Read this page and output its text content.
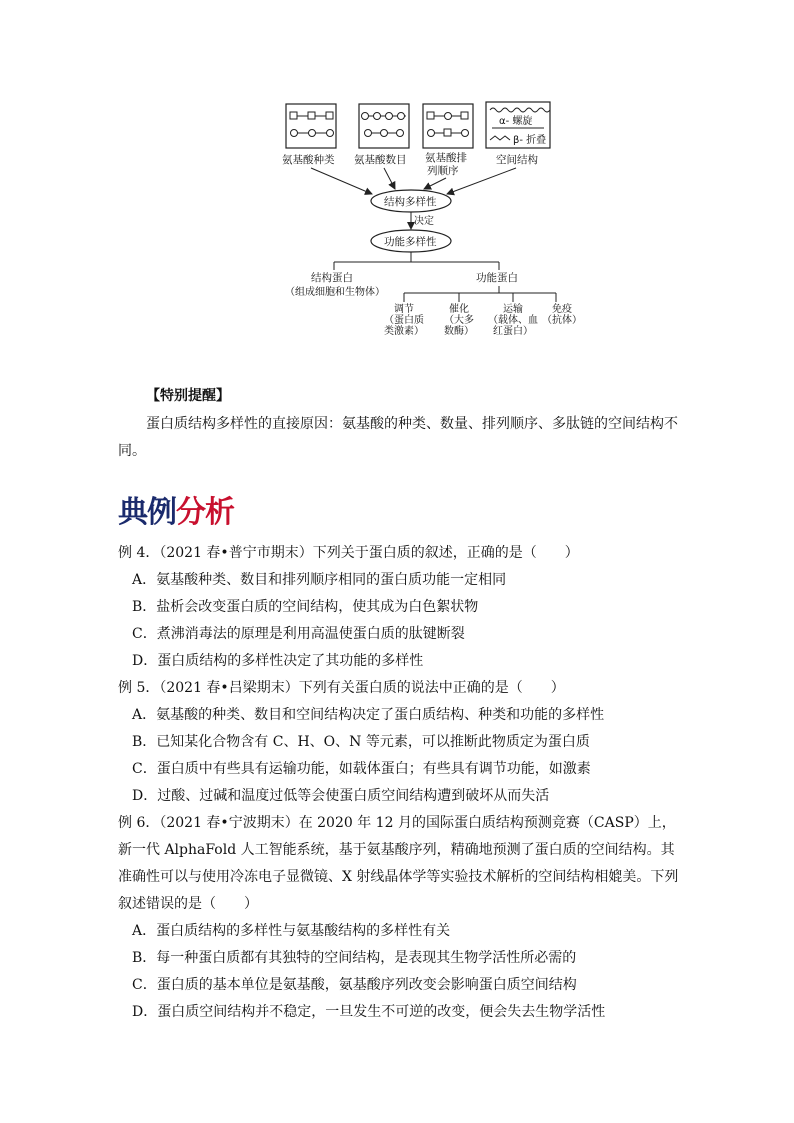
氨基酸种类 氨基酸数目 氨基酸排
列顺序
α- 螺旋
β- 折叠
空间结构
结构多样性
决定
功能多样性
结构蛋白
（组成细胞和生物体）
功能蛋白
调节
（蛋白质
类激素）
催化
（大多
数酶）
运输
（载体、血
红蛋白）
免疫
（抗体）
【特别提醒】
蛋白质结构多样性的直接原因：氨基酸的种类、数量、排列顺序、多肽链的空间结构不同。
典例分析
例 4．（2021 春•普宁市期末）下列关于蛋白质的叙述，正确的是（　　）
A．氨基酸种类、数目和排列顺序相同的蛋白质功能一定相同
B．盐析会改变蛋白质的空间结构，使其成为白色絮状物
C．煮沸消毒法的原理是利用高温使蛋白质的肽键断裂
D．蛋白质结构的多样性决定了其功能的多样性
例 5．（2021 春•吕梁期末）下列有关蛋白质的说法中正确的是（　　）
A．氨基酸的种类、数目和空间结构决定了蛋白质结构、种类和功能的多样性
B．已知某化合物含有 C、H、O、N 等元素，可以推断此物质定为蛋白质
C．蛋白质中有些具有运输功能，如载体蛋白；有些具有调节功能，如激素
D．过酸、过碱和温度过低等会使蛋白质空间结构遭到破坏从而失活
例 6．（2021 春•宁波期末）在 2020 年 12 月的国际蛋白质结构预测竞赛（CASP）上，新一代 AlphaFold 人工智能系统，基于氨基酸序列，精确地预测了蛋白质的空间结构。其准确性可以与使用冷冻电子显微镜、X 射线晶体学等实验技术解析的空间结构相媲美。下列叙述错误的是（　　）
A．蛋白质结构的多样性与氨基酸结构的多样性有关
B．每一种蛋白质都有其独特的空间结构，是表现其生物学活性所必需的
C．蛋白质的基本单位是氨基酸，氨基酸序列改变会影响蛋白质空间结构
D．蛋白质空间结构并不稳定，一旦发生不可逆的改变，便会失去生物学活性
